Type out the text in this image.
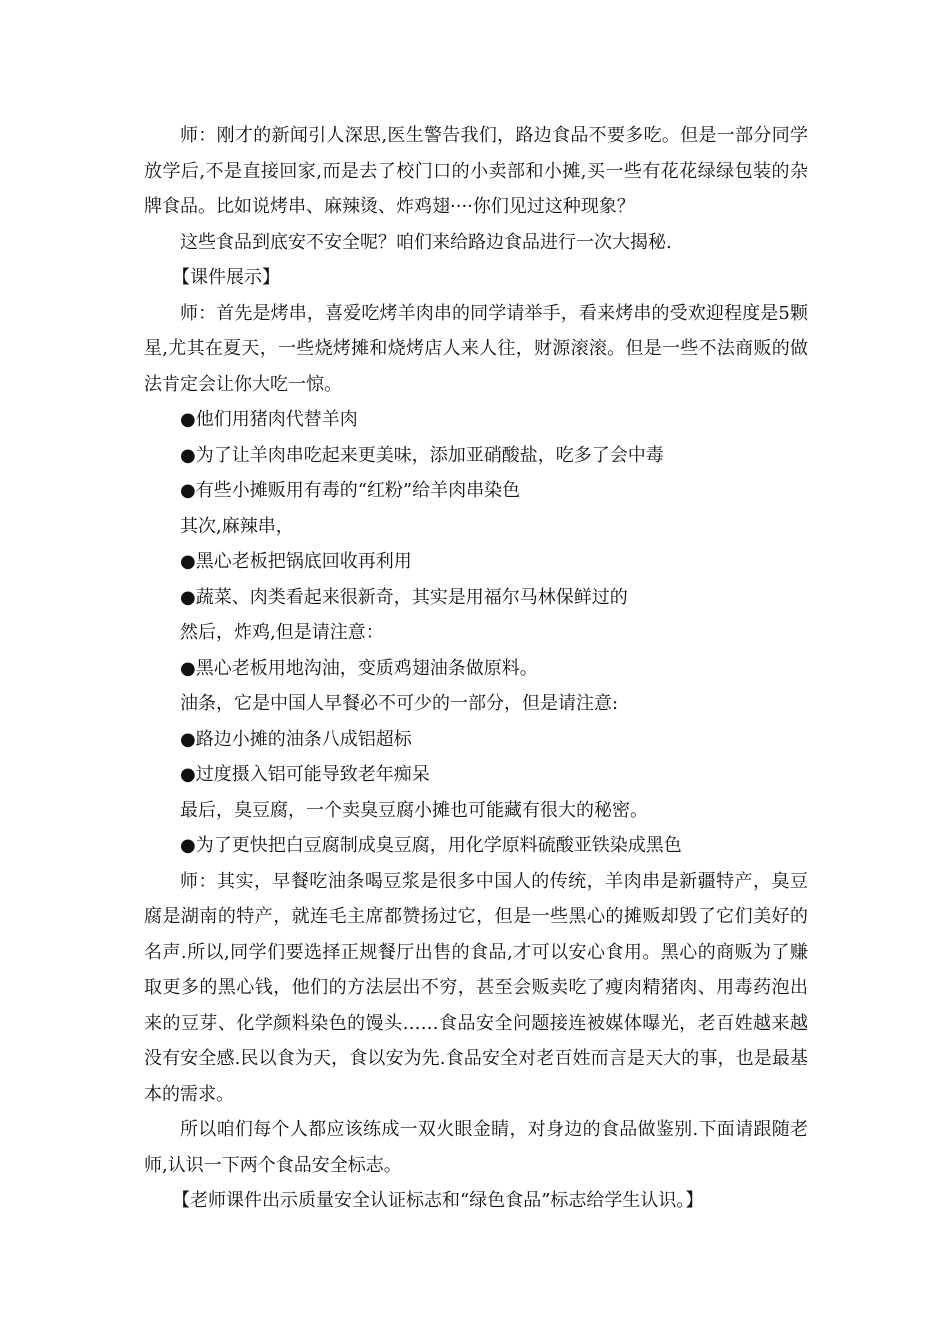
师：刚才的新闻引人深思,医生警告我们，路边食品不要多吃。但是一部分同学放学后,不是直接回家,而是去了校门口的小卖部和小摊,买一些有花花绿绿包装的杂牌食品。比如说烤串、麻辣烫、炸鸡翅····你们见过这种现象？

这些食品到底安不安全呢？咱们来给路边食品进行一次大揭秘.

【课件展示】

师：首先是烤串，喜爱吃烤羊肉串的同学请举手，看来烤串的受欢迎程度是5颗星,尤其在夏天，一些烧烤摊和烧烤店人来人往，财源滚滚。但是一些不法商贩的做法肯定会让你大吃一惊。

●他们用猪肉代替羊肉

●为了让羊肉串吃起来更美味，添加亚硝酸盐，吃多了会中毒

●有些小摊贩用有毒的“红粉”给羊肉串染色

其次,麻辣串，

●黑心老板把锅底回收再利用

●蔬菜、肉类看起来很新奇，其实是用福尔马林保鲜过的

然后，炸鸡,但是请注意：

●黑心老板用地沟油，变质鸡翅油条做原料。

油条，它是中国人早餐必不可少的一部分，但是请注意:

●路边小摊的油条八成铝超标

●过度摄入铝可能导致老年痴呆

最后，臭豆腐，一个卖臭豆腐小摊也可能藏有很大的秘密。

●为了更快把白豆腐制成臭豆腐，用化学原料硫酸亚铁染成黑色

师：其实，早餐吃油条喝豆浆是很多中国人的传统，羊肉串是新疆特产，臭豆腐是湖南的特产，就连毛主席都赞扬过它，但是一些黑心的摊贩却毁了它们美好的名声.所以,同学们要选择正规餐厅出售的食品,才可以安心食用。黑心的商贩为了赚取更多的黑心钱，他们的方法层出不穷，甚至会贩卖吃了瘦肉精猪肉、用毒药泡出来的豆芽、化学颜料染色的馒头……食品安全问题接连被媒体曝光，老百姓越来越没有安全感.民以食为天，食以安为先.食品安全对老百姓而言是天大的事，也是最基本的需求。

所以咱们每个人都应该练成一双火眼金睛，对身边的食品做鉴别.下面请跟随老师,认识一下两个食品安全标志。

【老师课件出示质量安全认证标志和“绿色食品”标志给学生认识。】
